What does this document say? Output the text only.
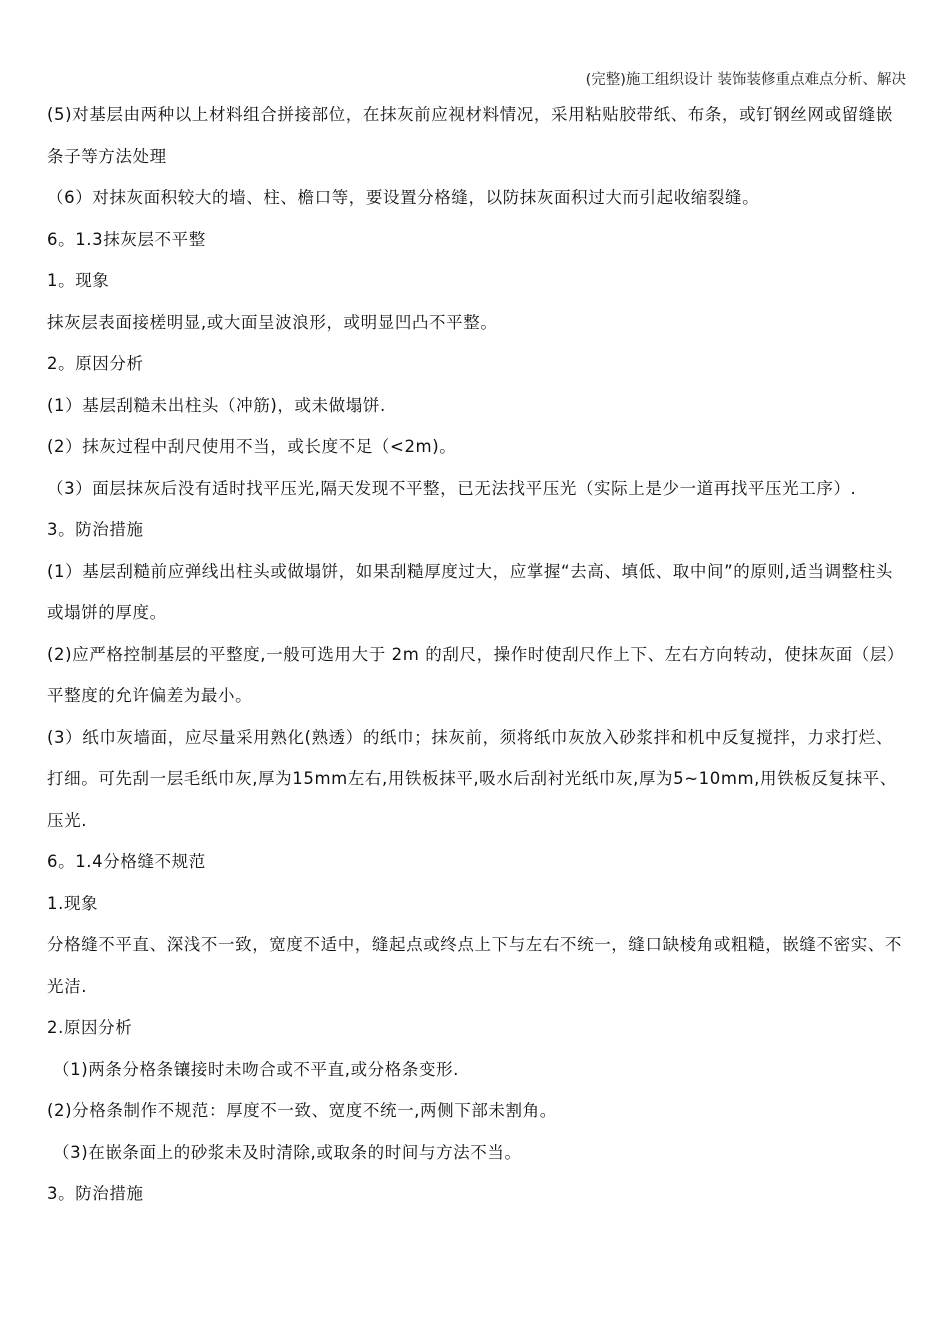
(完整)施工组织设计 装饰装修重点难点分析、解决

(5)对基层由两种以上材料组合拼接部位，在抹灰前应视材料情况，采用粘贴胶带纸、布条，或钉钢丝网或留缝嵌条子等方法处理

（6）对抹灰面积较大的墙、柱、檐口等，要设置分格缝，以防抹灰面积过大而引起收缩裂缝。

6。1.3抹灰层不平整

1。现象

抹灰层表面接槎明显,或大面呈波浪形，或明显凹凸不平整。

2。原因分析

(1）基层刮糙未出柱头（冲筋)，或未做塌饼.

(2）抹灰过程中刮尺使用不当，或长度不足（<2m)。

（3）面层抹灰后没有适时找平压光,隔天发现不平整，已无法找平压光（实际上是少一道再找平压光工序）.

3。防治措施

(1）基层刮糙前应弹线出柱头或做塌饼，如果刮糙厚度过大，应掌握“去高、填低、取中间”的原则,适当调整柱头或塌饼的厚度。

(2)应严格控制基层的平整度,一般可选用大于 2m 的刮尺，操作时使刮尺作上下、左右方向转动，使抹灰面（层）平整度的允许偏差为最小。

(3）纸巾灰墙面，应尽量采用熟化(熟透）的纸巾；抹灰前，须将纸巾灰放入砂浆拌和机中反复搅拌，力求打烂、打细。可先刮一层毛纸巾灰,厚为15mm左右,用铁板抹平,吸水后刮衬光纸巾灰,厚为5~10mm,用铁板反复抹平、压光.

6。1.4分格缝不规范

1.现象

分格缝不平直、深浅不一致，宽度不适中，缝起点或终点上下与左右不统一，缝口缺棱角或粗糙，嵌缝不密实、不光洁.

2.原因分析

（1)两条分格条镶接时未吻合或不平直,或分格条变形.

(2)分格条制作不规范：厚度不一致、宽度不统一,两侧下部未割角。

（3)在嵌条面上的砂浆未及时清除,或取条的时间与方法不当。

3。防治措施
